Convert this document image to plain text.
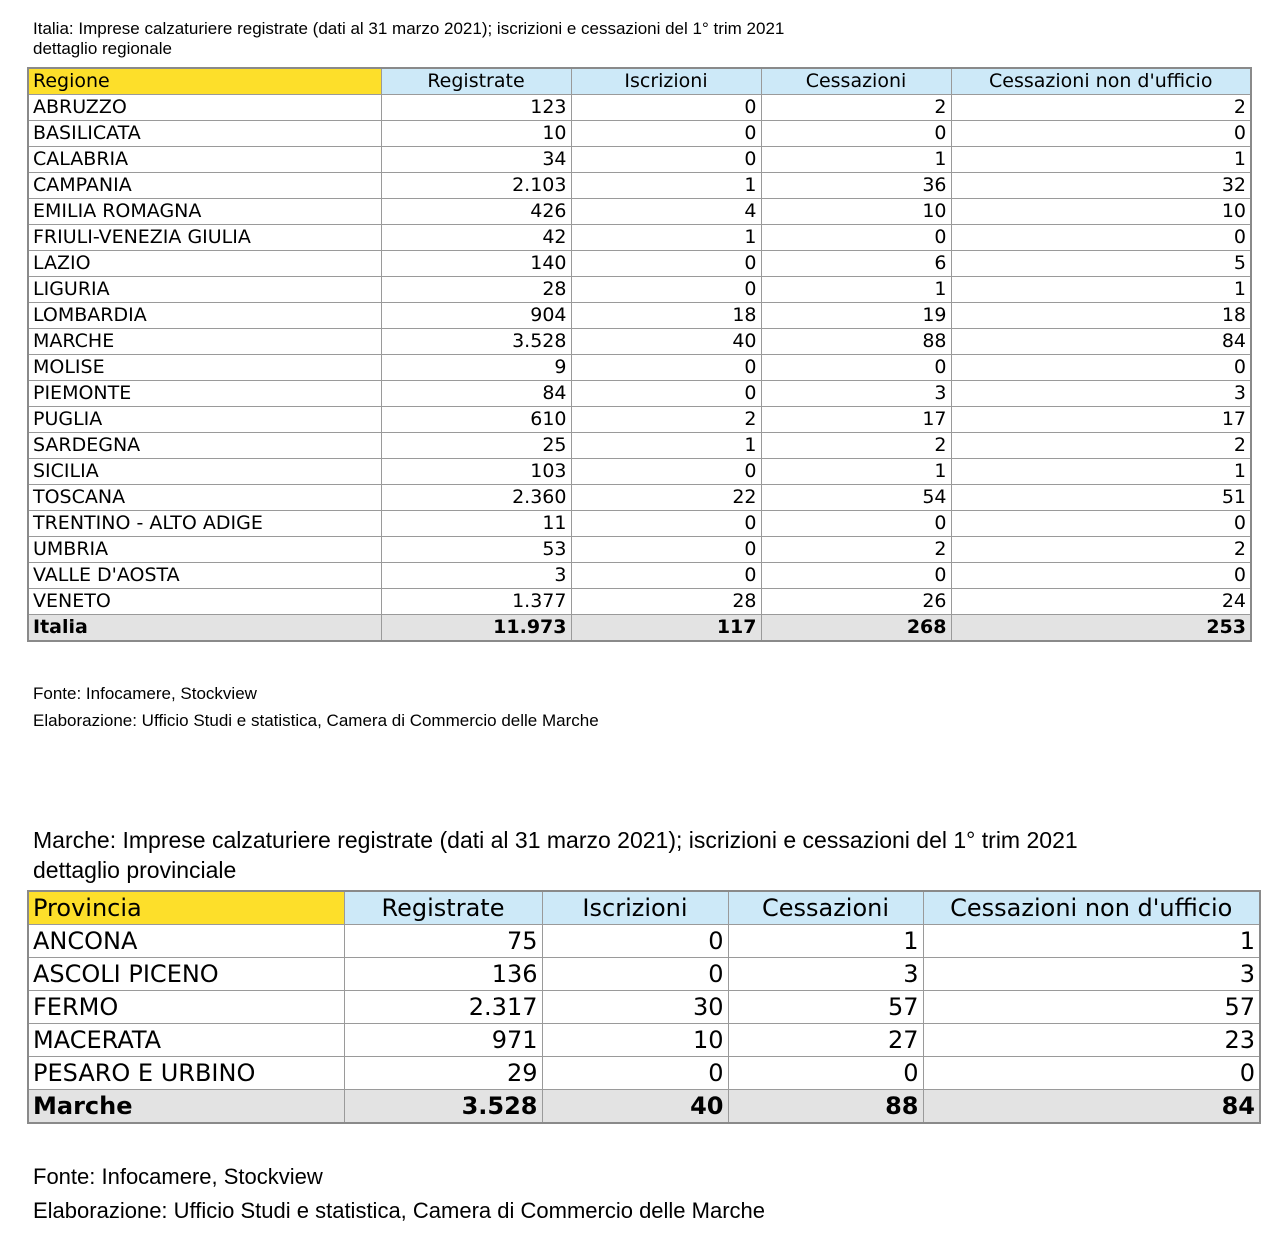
Italia: Imprese calzaturiere registrate (dati al 31 marzo 2021); iscrizioni e cessazioni del 1° trim 2021
dettaglio regionale
Regione	Registrate	Iscrizioni	Cessazioni	Cessazioni non d'ufficio
ABRUZZO	123	0	2	2
BASILICATA	10	0	0	0
CALABRIA	34	0	1	1
CAMPANIA	2.103	1	36	32
EMILIA ROMAGNA	426	4	10	10
FRIULI-VENEZIA GIULIA	42	1	0	0
LAZIO	140	0	6	5
LIGURIA	28	0	1	1
LOMBARDIA	904	18	19	18
MARCHE	3.528	40	88	84
MOLISE	9	0	0	0
PIEMONTE	84	0	3	3
PUGLIA	610	2	17	17
SARDEGNA	25	1	2	2
SICILIA	103	0	1	1
TOSCANA	2.360	22	54	51
TRENTINO - ALTO ADIGE	11	0	0	0
UMBRIA	53	0	2	2
VALLE D'AOSTA	3	0	0	0
VENETO	1.377	28	26	24
Italia	11.973	117	268	253
Fonte: Infocamere, Stockview
Elaborazione: Ufficio Studi e statistica, Camera di Commercio delle Marche
Marche: Imprese calzaturiere registrate (dati al 31 marzo 2021); iscrizioni e cessazioni del 1° trim 2021
dettaglio provinciale
Provincia	Registrate	Iscrizioni	Cessazioni	Cessazioni non d'ufficio
ANCONA	75	0	1	1
ASCOLI PICENO	136	0	3	3
FERMO	2.317	30	57	57
MACERATA	971	10	27	23
PESARO E URBINO	29	0	0	0
Marche	3.528	40	88	84
Fonte: Infocamere, Stockview
Elaborazione: Ufficio Studi e statistica, Camera di Commercio delle Marche
